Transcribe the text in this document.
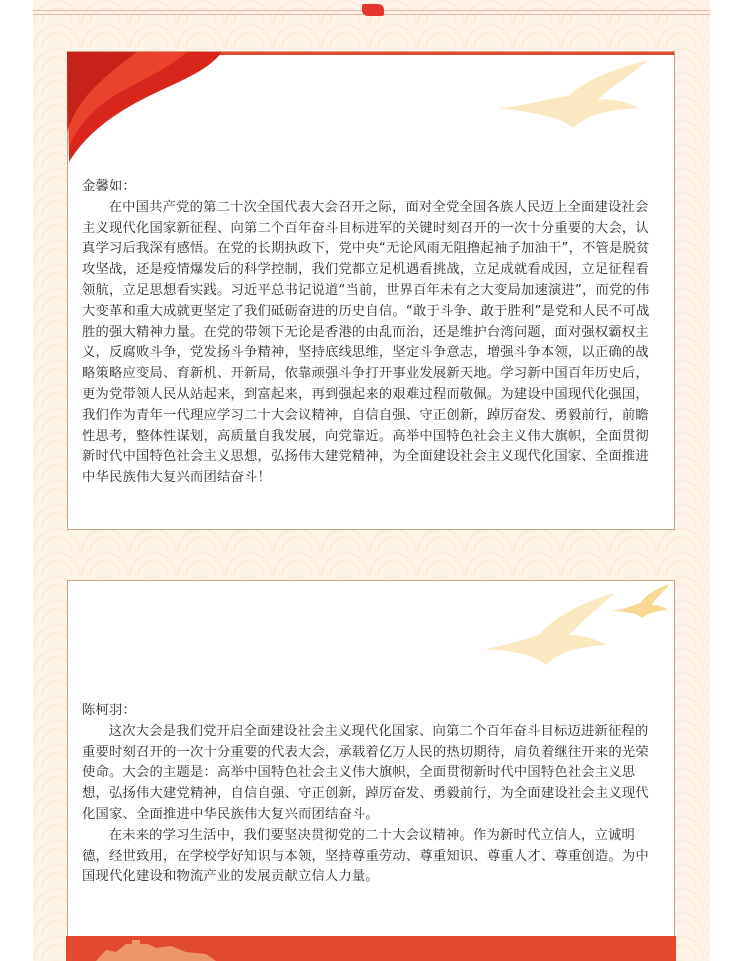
金馨如：
在中国共产党的第二十次全国代表大会召开之际，面对全党全国各族人民迈上全面建设社会主义现代化国家新征程、向第二个百年奋斗目标进军的关键时刻召开的一次十分重要的大会，认真学习后我深有感悟。在党的长期执政下，党中央“无论风雨无阻撸起袖子加油干”，不管是脱贫攻坚战，还是疫情爆发后的科学控制，我们党都立足机遇看挑战，立足成就看成因，立足征程看领航，立足思想看实践。习近平总书记说道“当前，世界百年未有之大变局加速演进”，而党的伟大变革和重大成就更坚定了我们砥砺奋进的历史自信。“敢于斗争、敢于胜利”是党和人民不可战胜的强大精神力量。在党的带领下无论是香港的由乱而治，还是维护台湾问题，面对强权霸权主义，反腐败斗争，党发扬斗争精神，坚持底线思维，坚定斗争意志，增强斗争本领，以正确的战略策略应变局、育新机、开新局，依靠顽强斗争打开事业发展新天地。学习新中国百年历史后，更为党带领人民从站起来，到富起来，再到强起来的艰难过程而敬佩。为建设中国现代化强国，我们作为青年一代理应学习二十大会议精神，自信自强、守正创新，踔厉奋发、勇毅前行，前瞻性思考，整体性谋划，高质量自我发展，向党靠近。高举中国特色社会主义伟大旗帜，全面贯彻新时代中国特色社会主义思想，弘扬伟大建党精神，为全面建设社会主义现代化国家、全面推进中华民族伟大复兴而团结奋斗！
陈柯羽：
这次大会是我们党开启全面建设社会主义现代化国家、向第二个百年奋斗目标迈进新征程的重要时刻召开的一次十分重要的代表大会，承载着亿万人民的热切期待，肩负着继往开来的光荣使命。大会的主题是：高举中国特色社会主义伟大旗帜，全面贯彻新时代中国特色社会主义思想，弘扬伟大建党精神，自信自强、守正创新，踔厉奋发、勇毅前行，为全面建设社会主义现代化国家、全面推进中华民族伟大复兴而团结奋斗。
在未来的学习生活中，我们要坚决贯彻党的二十大会议精神。作为新时代立信人，立诚明德，经世致用，在学校学好知识与本领，坚持尊重劳动、尊重知识、尊重人才、尊重创造。为中国现代化建设和物流产业的发展贡献立信人力量。
